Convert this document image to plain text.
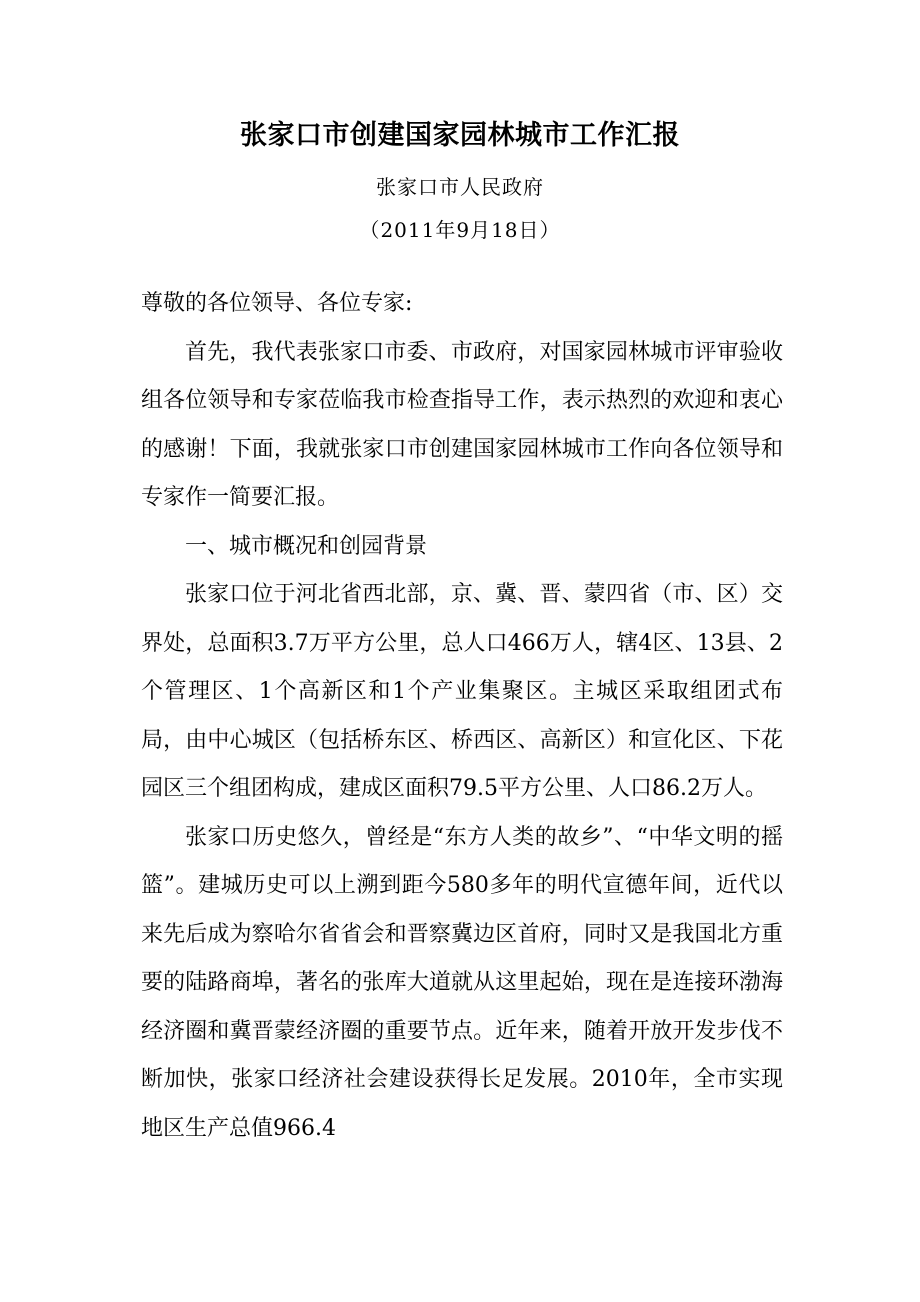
张家口市创建国家园林城市工作汇报
张家口市人民政府
（2011年9月18日）

尊敬的各位领导、各位专家:

首先，我代表张家口市委、市政府，对国家园林城市评审验收组各位领导和专家莅临我市检查指导工作，表示热烈的欢迎和衷心的感谢！下面，我就张家口市创建国家园林城市工作向各位领导和专家作一简要汇报。

一、城市概况和创园背景

张家口位于河北省西北部，京、冀、晋、蒙四省（市、区）交界处，总面积3.7万平方公里，总人口466万人，辖4区、13县、2个管理区、1个高新区和1个产业集聚区。主城区采取组团式布局，由中心城区（包括桥东区、桥西区、高新区）和宣化区、下花园区三个组团构成，建成区面积79.5平方公里、人口86.2万人。

张家口历史悠久，曾经是“东方人类的故乡”、“中华文明的摇篮”。建城历史可以上溯到距今580多年的明代宣德年间，近代以来先后成为察哈尔省省会和晋察冀边区首府，同时又是我国北方重要的陆路商埠，著名的张库大道就从这里起始，现在是连接环渤海经济圈和冀晋蒙经济圈的重要节点。近年来，随着开放开发步伐不断加快，张家口经济社会建设获得长足发展。2010年，全市实现地区生产总值966.4
